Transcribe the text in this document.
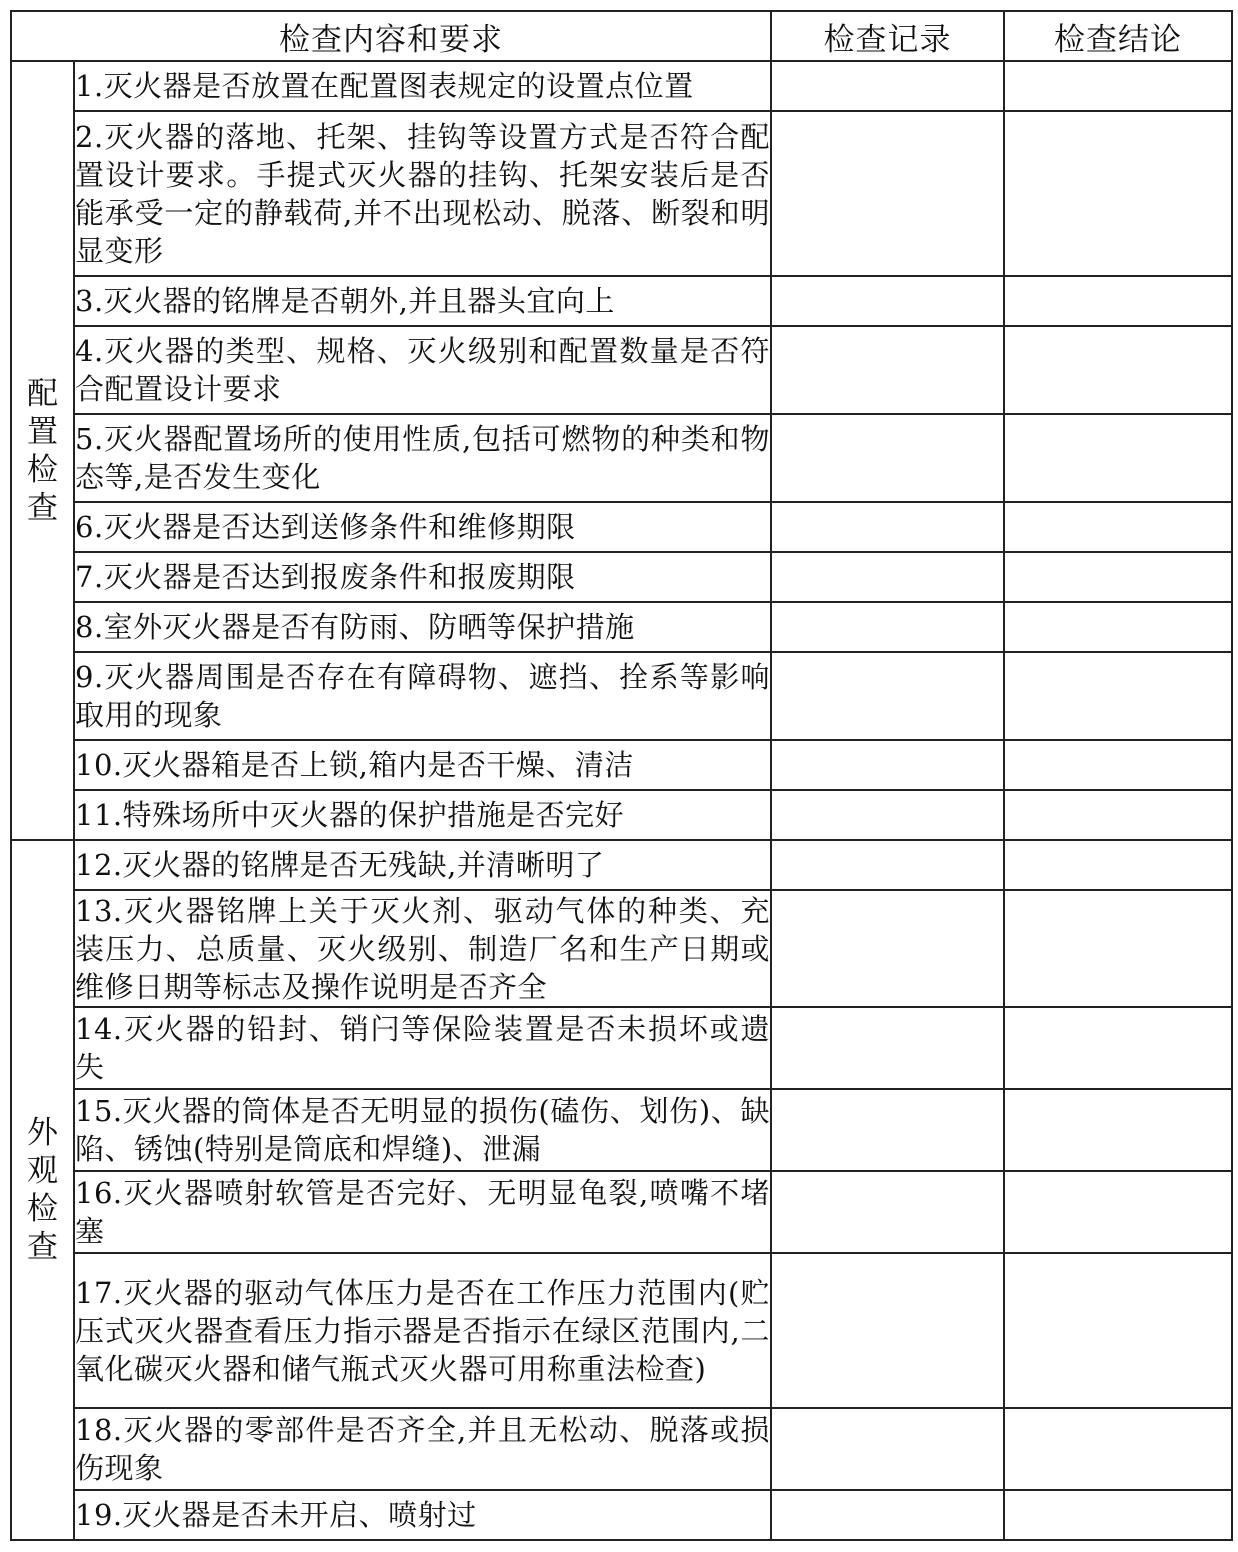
检查内容和要求		检查记录	检查结论
配置检查	1.灭火器是否放置在配置图表规定的设置点位置		
	2.灭火器的落地、托架、挂钩等设置方式是否符合配置设计要求。手提式灭火器的挂钩、托架安装后是否能承受一定的静载荷,并不出现松动、脱落、断裂和明显变形		
	3.灭火器的铭牌是否朝外,并且器头宜向上		
	4.灭火器的类型、规格、灭火级别和配置数量是否符合配置设计要求		
	5.灭火器配置场所的使用性质,包括可燃物的种类和物态等,是否发生变化		
	6.灭火器是否达到送修条件和维修期限		
	7.灭火器是否达到报废条件和报废期限		
	8.室外灭火器是否有防雨、防晒等保护措施		
	9.灭火器周围是否存在有障碍物、遮挡、拴系等影响取用的现象		
	10.灭火器箱是否上锁,箱内是否干燥、清洁		
	11.特殊场所中灭火器的保护措施是否完好		
外观检查	12.灭火器的铭牌是否无残缺,并清晰明了		
	13.灭火器铭牌上关于灭火剂、驱动气体的种类、充装压力、总质量、灭火级别、制造厂名和生产日期或维修日期等标志及操作说明是否齐全		
	14.灭火器的铅封、销闩等保险装置是否未损坏或遗失		
	15.灭火器的筒体是否无明显的损伤(磕伤、划伤)、缺陷、锈蚀(特别是筒底和焊缝)、泄漏		
	16.灭火器喷射软管是否完好、无明显龟裂,喷嘴不堵塞		
	17.灭火器的驱动气体压力是否在工作压力范围内(贮压式灭火器查看压力指示器是否指示在绿区范围内,二氧化碳灭火器和储气瓶式灭火器可用称重法检查)		
	18.灭火器的零部件是否齐全,并且无松动、脱落或损伤现象		
	19.灭火器是否未开启、喷射过		
